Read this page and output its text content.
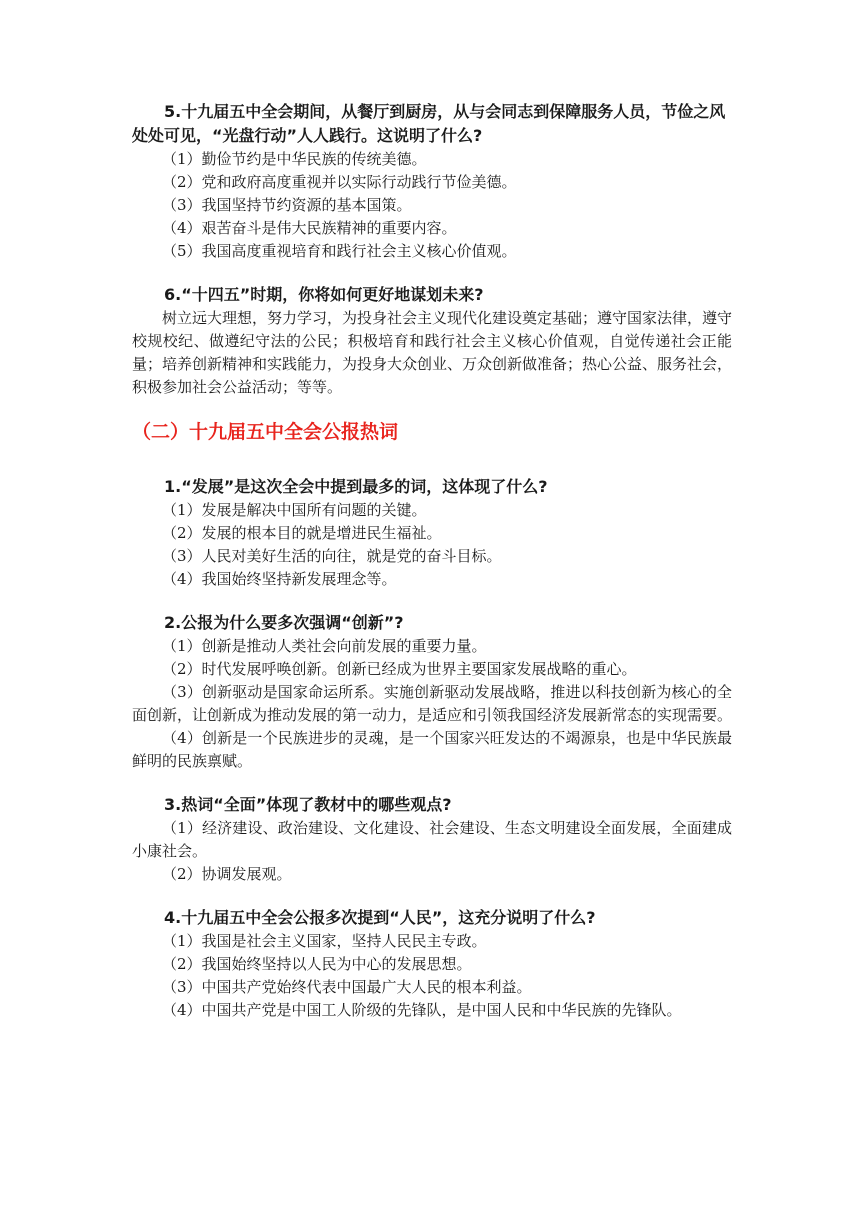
5.十九届五中全会期间，从餐厅到厨房，从与会同志到保障服务人员，节俭之风处处可见，“光盘行动”人人践行。这说明了什么?

（1）勤俭节约是中华民族的传统美德。

（2）党和政府高度重视并以实际行动践行节俭美德。

（3）我国坚持节约资源的基本国策。

（4）艰苦奋斗是伟大民族精神的重要内容。

（5）我国高度重视培育和践行社会主义核心价值观。

6.“十四五”时期，你将如何更好地谋划未来?

树立远大理想，努力学习，为投身社会主义现代化建设奠定基础；遵守国家法律，遵守校规校纪、做遵纪守法的公民；积极培育和践行社会主义核心价值观，自觉传递社会正能量；培养创新精神和实践能力，为投身大众创业、万众创新做准备；热心公益、服务社会，积极参加社会公益活动；等等。

（二）十九届五中全会公报热词

1.“发展”是这次全会中提到最多的词，这体现了什么?

（1）发展是解决中国所有问题的关键。

（2）发展的根本目的就是增进民生福祉。

（3）人民对美好生活的向往，就是党的奋斗目标。

（4）我国始终坚持新发展理念等。

2.公报为什么要多次强调“创新”?

（1）创新是推动人类社会向前发展的重要力量。

（2）时代发展呼唤创新。创新已经成为世界主要国家发展战略的重心。

（3）创新驱动是国家命运所系。实施创新驱动发展战略，推进以科技创新为核心的全面创新，让创新成为推动发展的第一动力，是适应和引领我国经济发展新常态的实现需要。

（4）创新是一个民族进步的灵魂，是一个国家兴旺发达的不竭源泉，也是中华民族最鲜明的民族禀赋。

3.热词“全面”体现了教材中的哪些观点?

（1）经济建设、政治建设、文化建设、社会建设、生态文明建设全面发展，全面建成小康社会。

（2）协调发展观。

4.十九届五中全会公报多次提到“人民”，这充分说明了什么?

（1）我国是社会主义国家，坚持人民民主专政。

（2）我国始终坚持以人民为中心的发展思想。

（3）中国共产党始终代表中国最广大人民的根本利益。

（4）中国共产党是中国工人阶级的先锋队，是中国人民和中华民族的先锋队。
